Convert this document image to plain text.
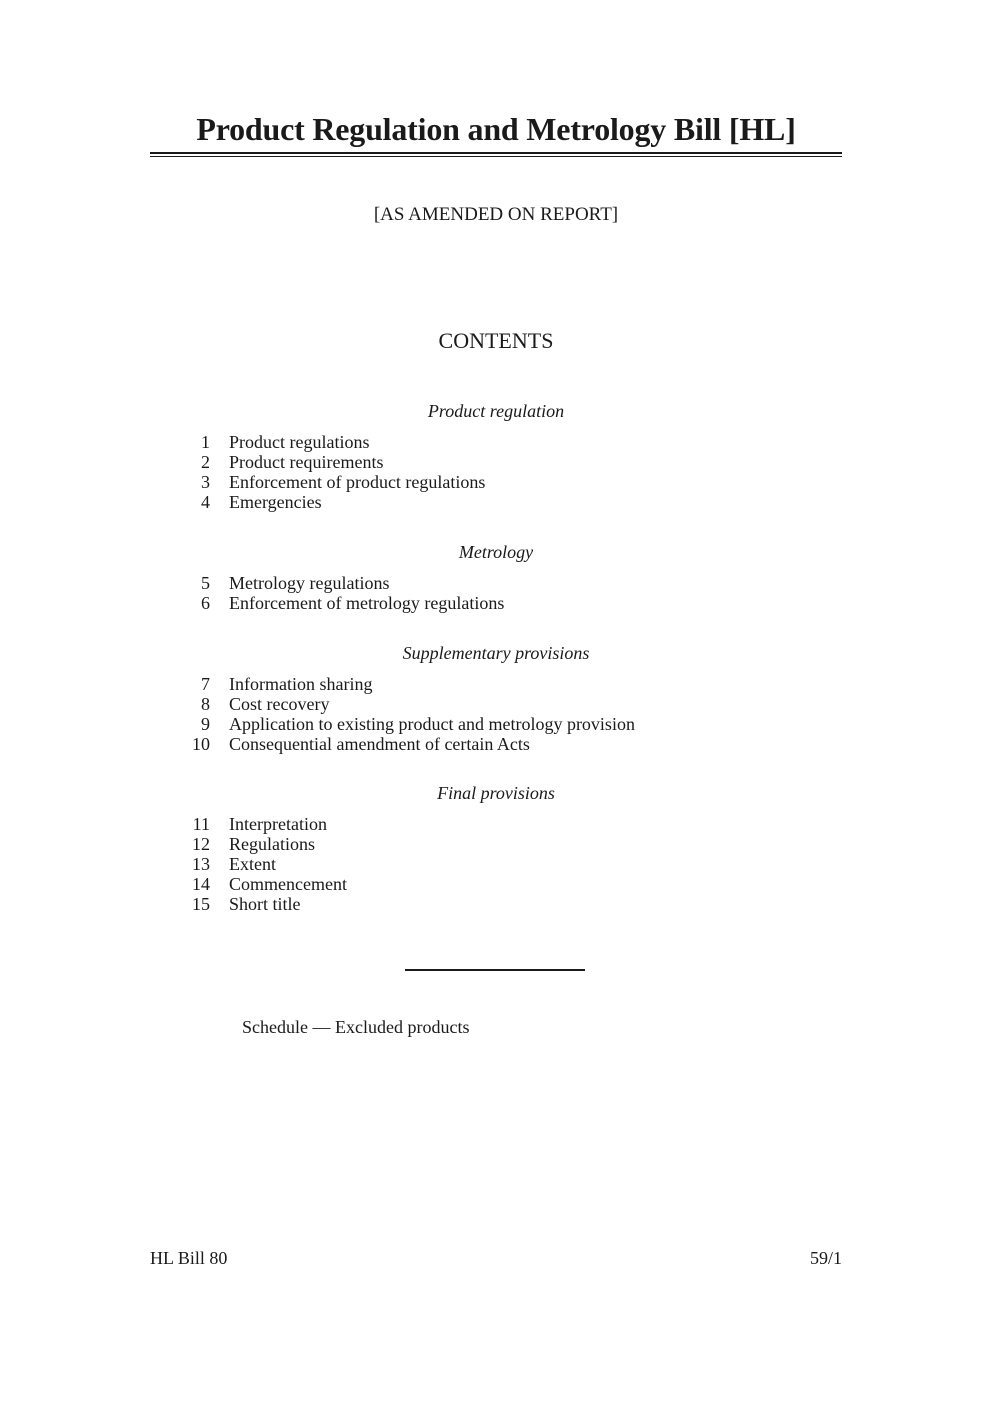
Product Regulation and Metrology Bill [HL]
[AS AMENDED ON REPORT]
CONTENTS
Product regulation
1 Product regulations
2 Product requirements
3 Enforcement of product regulations
4 Emergencies
Metrology
5 Metrology regulations
6 Enforcement of metrology regulations
Supplementary provisions
7 Information sharing
8 Cost recovery
9 Application to existing product and metrology provision
10 Consequential amendment of certain Acts
Final provisions
11 Interpretation
12 Regulations
13 Extent
14 Commencement
15 Short title
Schedule — Excluded products
HL Bill 80	59/1
